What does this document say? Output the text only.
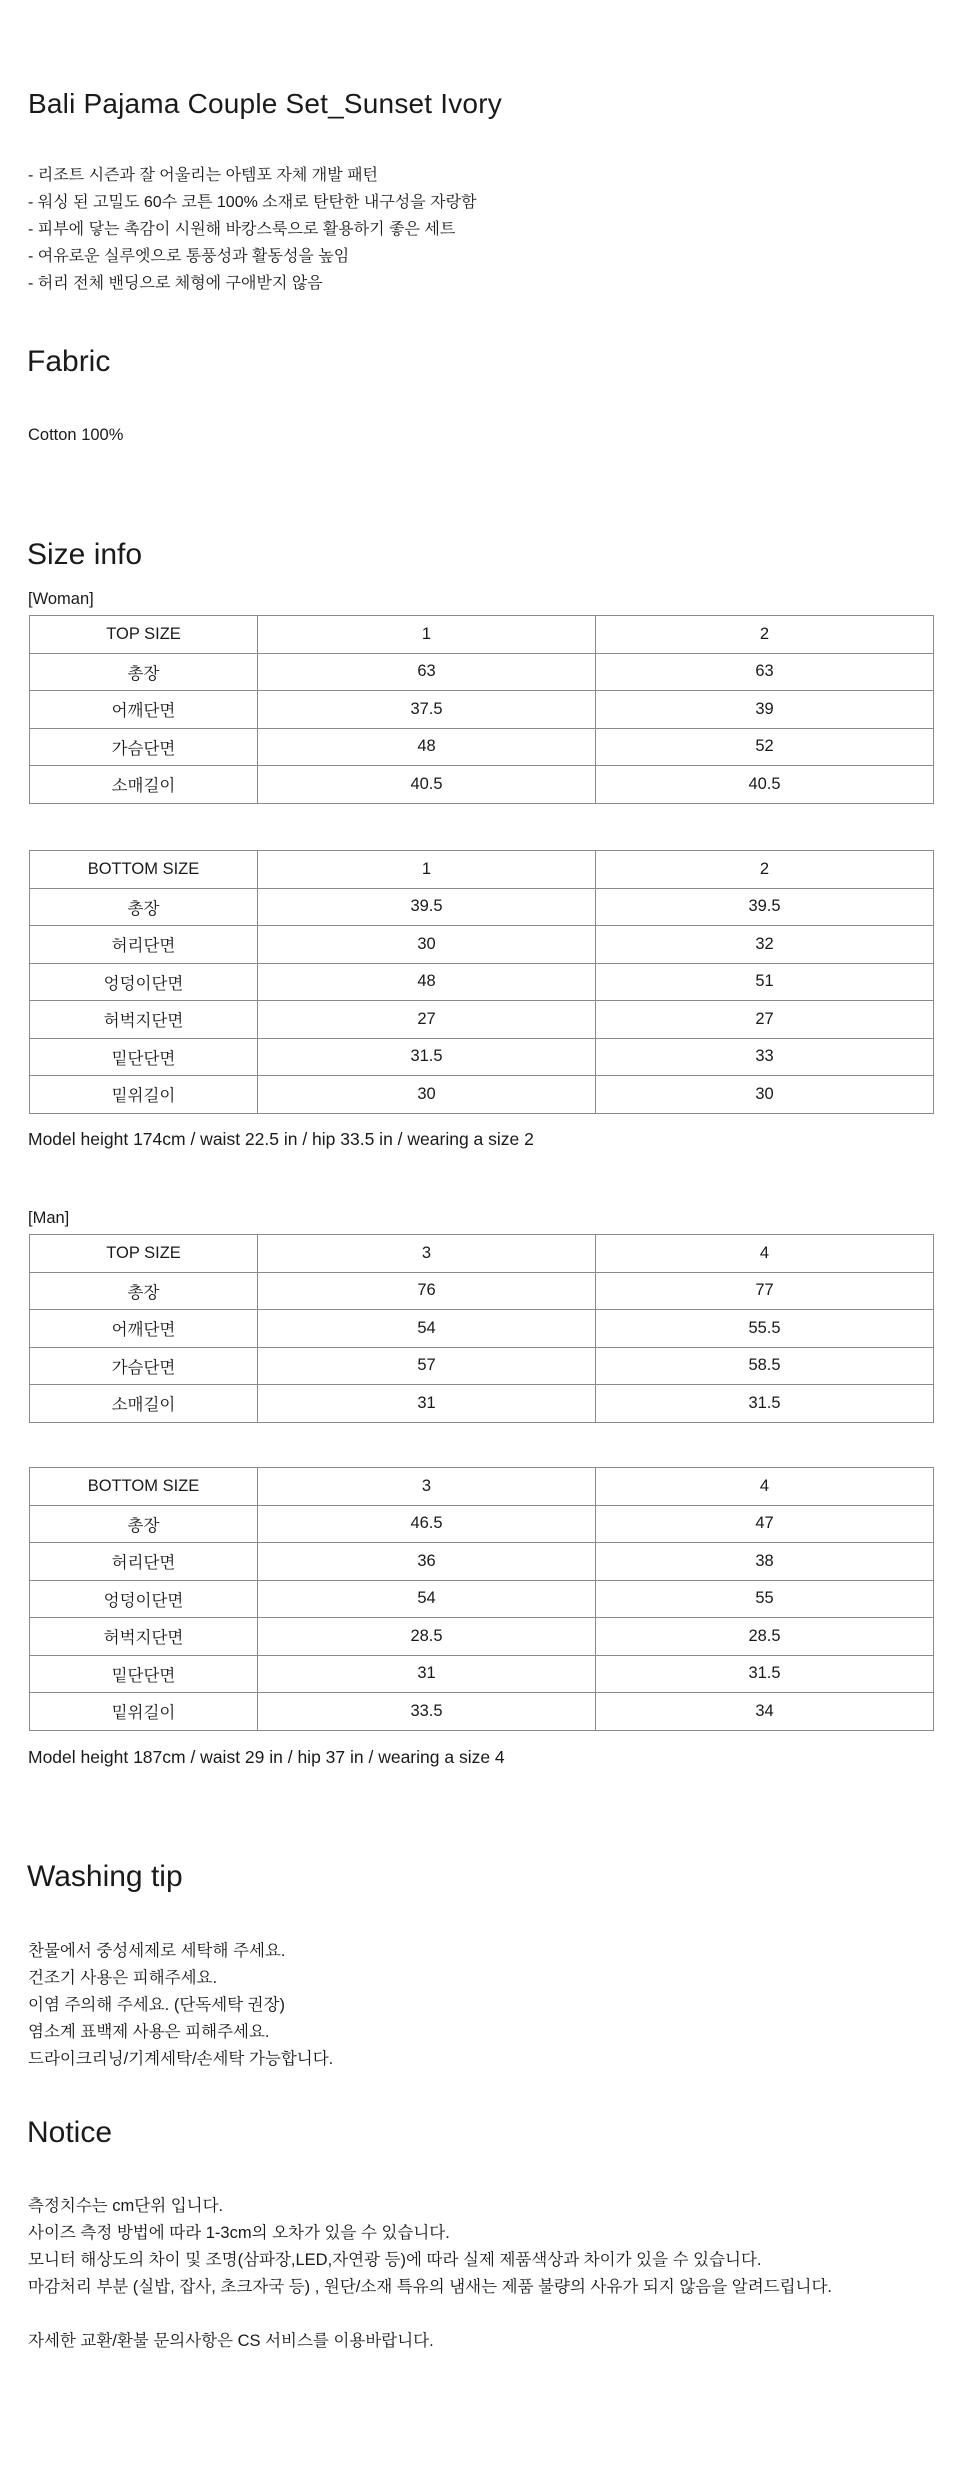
Bali Pajama Couple Set_Sunset Ivory
- 리조트 시즌과 잘 어울리는 아템포 자체 개발 패턴
- 워싱 된 고밀도 60수 코튼 100% 소재로 탄탄한 내구성을 자랑함
- 피부에 닿는 촉감이 시원해 바캉스룩으로 활용하기 좋은 세트
- 여유로운 실루엣으로 통풍성과 활동성을 높임
- 허리 전체 밴딩으로 체형에 구애받지 않음
Fabric
Cotton 100%
Size info
[Woman]
TOP SIZE	1	2
총장	63	63
어깨단면	37.5	39
가슴단면	48	52
소매길이	40.5	40.5
BOTTOM SIZE	1	2
총장	39.5	39.5
허리단면	30	32
엉덩이단면	48	51
허벅지단면	27	27
밑단단면	31.5	33
밑위길이	30	30
Model height 174cm / waist 22.5 in / hip 33.5 in / wearing a size 2
[Man]
TOP SIZE	3	4
총장	76	77
어깨단면	54	55.5
가슴단면	57	58.5
소매길이	31	31.5
BOTTOM SIZE	3	4
총장	46.5	47
허리단면	36	38
엉덩이단면	54	55
허벅지단면	28.5	28.5
밑단단면	31	31.5
밑위길이	33.5	34
Model height 187cm / waist 29 in / hip 37 in / wearing a size 4
Washing tip
찬물에서 중성세제로 세탁해 주세요.
건조기 사용은 피해주세요.
이염 주의해 주세요. (단독세탁 권장)
염소계 표백제 사용은 피해주세요.
드라이크리닝/기계세탁/손세탁 가능합니다.
Notice
측정치수는 cm단위 입니다.
사이즈 측정 방법에 따라 1-3cm의 오차가 있을 수 있습니다.
모니터 해상도의 차이 및 조명(삼파장,LED,자연광 등)에 따라 실제 제품색상과 차이가 있을 수 있습니다.
마감처리 부분 (실밥, 잡사, 초크자국 등) , 원단/소재 특유의 냄새는 제품 불량의 사유가 되지 않음을 알려드립니다.
자세한 교환/환불 문의사항은 CS 서비스를 이용바랍니다.
